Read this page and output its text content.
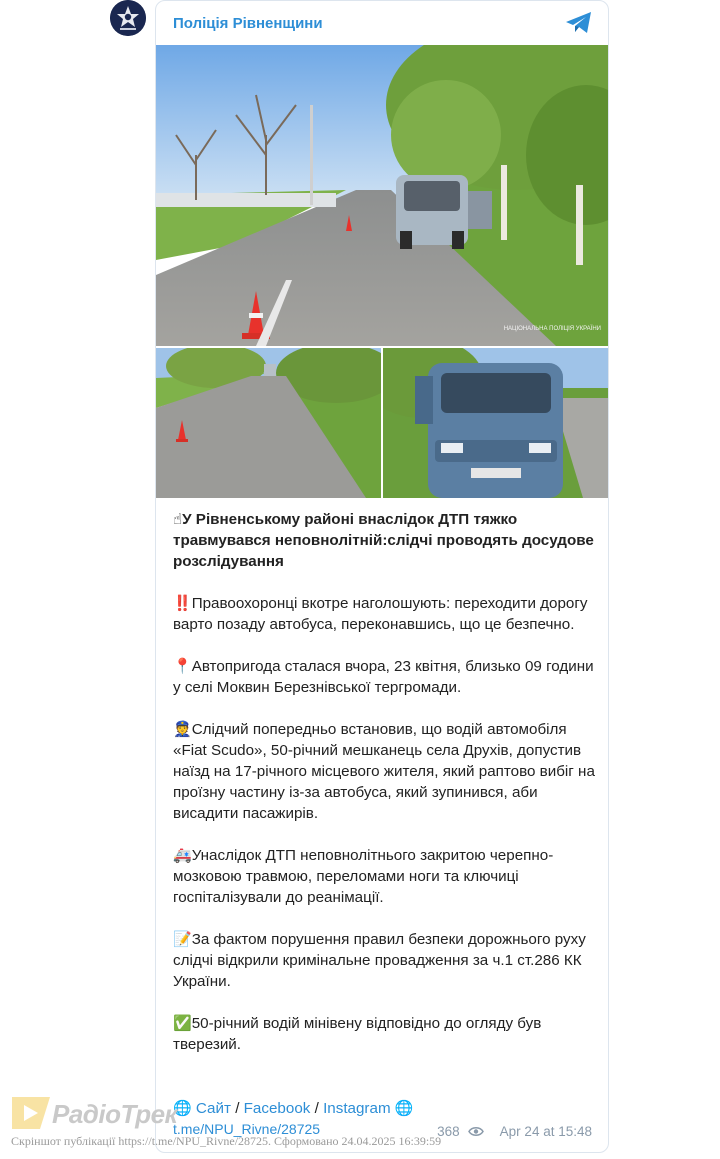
Поліція Рівненщини
НАЦІОНАЛЬНА ПОЛІЦІЯ УКРАЇНИ

☝У Рівненському районі внаслідок ДТП тяжко травмувався неповнолітній:слідчі проводять досудове розслідування

‼️Правоохоронці вкотре наголошують: переходити дорогу варто позаду автобуса, переконавшись, що це безпечно.

📍Автопригода сталася вчора, 23 квітня, близько 09 години у селі Моквин Березнівської тергромади.

👮Слідчий попередньо встановив, що водій автомобіля «Fiat Scudo», 50-річний мешканець села Друхів, допустив наїзд на 17-річного місцевого жителя, який раптово вибіг на проїзну частину із-за автобуса, який зупинився, аби висадити пасажирів.

🚑Унаслідок ДТП неповнолітнього закритою черепно-мозковою травмою, переломами ноги та ключиці госпіталізували до реанімації.

📝За фактом порушення правил безпеки дорожнього руху слідчі відкрили кримінальне провадження за ч.1 ст.286 КК України.

✅50-річний водій мінівену відповідно до огляду був тверезий.

🌐 Сайт / Facebook / Instagram 🌐
t.me/NPU_Rivne/28725	368	Apr 24 at 15:48
РадіоТрек
Скріншот публікації https://t.me/NPU_Rivne/28725. Сформовано 24.04.2025 16:39:59
